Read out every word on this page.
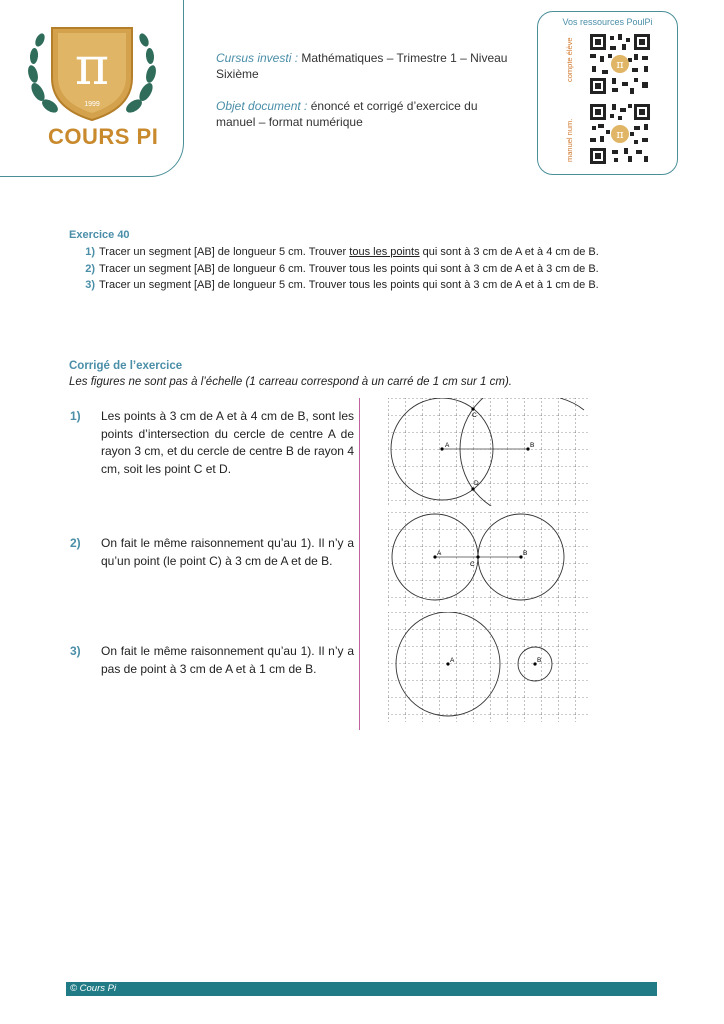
π
1999
COURS PI

Cursus investi : Mathématiques – Trimestre 1 – Niveau Sixième

Objet document : énoncé et corrigé d’exercice du manuel – format numérique

Vos ressources PoulPi
compte élève
manuel num.
π
π
Exercice 40
1) Tracer un segment [AB] de longueur 5 cm. Trouver tous les points qui sont à 3 cm de A et à 4 cm de B.
2) Tracer un segment [AB] de longueur 6 cm. Trouver tous les points qui sont à 3 cm de A et à 3 cm de B.
3) Tracer un segment [AB] de longueur 5 cm. Trouver tous les points qui sont à 3 cm de A et à 1 cm de B.
Corrigé de l’exercice
Les figures ne sont pas à l’échelle (1 carreau correspond à un carré de 1 cm sur 1 cm).
1) Les points à 3 cm de A et à 4 cm de B, sont les points d’intersection du cercle de centre A de rayon 3 cm, et du cercle de centre B de rayon 4 cm, soit les point C et D.
2) On fait le même raisonnement qu’au 1). Il n’y a qu’un point (le point C) à 3 cm de A et de B.
3) On fait le même raisonnement qu’au 1). Il n’y a pas de point à 3 cm de A et à 1 cm de B.
A	B
C
D
A	B
C
A	B
© Cours Pi
